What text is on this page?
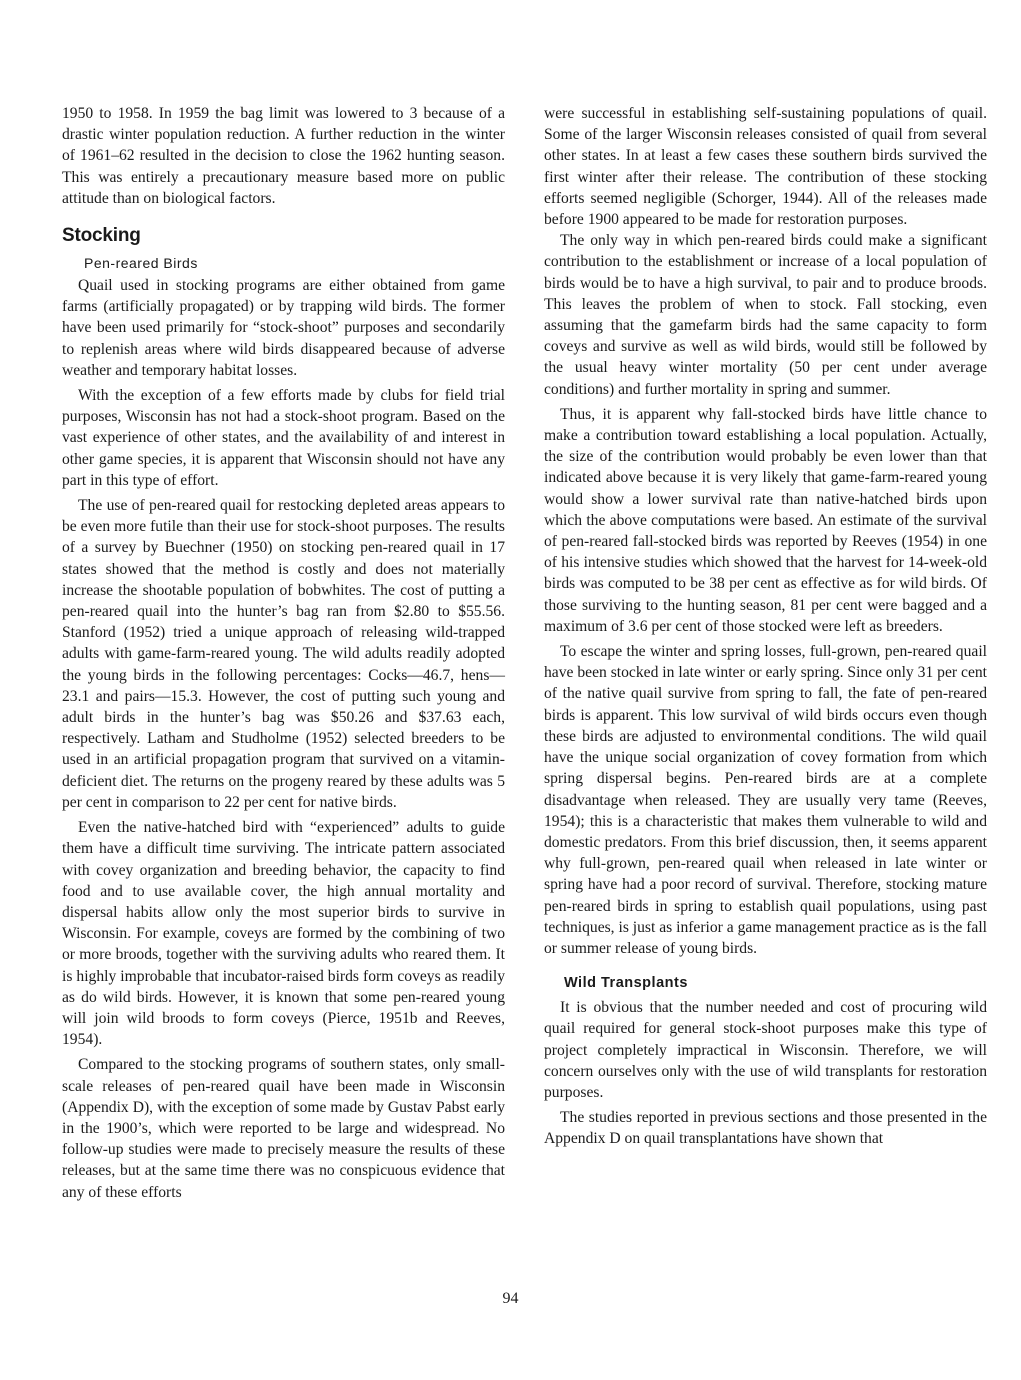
1950 to 1958. In 1959 the bag limit was lowered to 3 because of a drastic winter population reduction. A further reduction in the winter of 1961–62 resulted in the decision to close the 1962 hunting season. This was entirely a precautionary measure based more on public attitude than on biological factors.

Stocking
Pen-reared Birds

Quail used in stocking programs are either obtained from game farms (artificially propagated) or by trapping wild birds. The former have been used primarily for “stock-shoot” purposes and secondarily to replenish areas where wild birds disappeared because of adverse weather and temporary habitat losses.

With the exception of a few efforts made by clubs for field trial purposes, Wisconsin has not had a stock-shoot program. Based on the vast experience of other states, and the availability of and interest in other game species, it is apparent that Wisconsin should not have any part in this type of effort.

The use of pen-reared quail for restocking depleted areas appears to be even more futile than their use for stock-shoot purposes. The results of a survey by Buechner (1950) on stocking pen-reared quail in 17 states showed that the method is costly and does not materially increase the shootable population of bobwhites. The cost of putting a pen-reared quail into the hunter’s bag ran from $2.80 to $55.56. Stanford (1952) tried a unique approach of releasing wild-trapped adults with game-farm-reared young. The wild adults readily adopted the young birds in the following percentages: Cocks—46.7, hens—23.1 and pairs—15.3. However, the cost of putting such young and adult birds in the hunter’s bag was $50.26 and $37.63 each, respectively. Latham and Studholme (1952) selected breeders to be used in an artificial propagation program that survived on a vitamin-deficient diet. The returns on the progeny reared by these adults was 5 per cent in comparison to 22 per cent for native birds.

Even the native-hatched bird with “experienced” adults to guide them have a difficult time surviving. The intricate pattern associated with covey organization and breeding behavior, the capacity to find food and to use available cover, the high annual mortality and dispersal habits allow only the most superior birds to survive in Wisconsin. For example, coveys are formed by the combining of two or more broods, together with the surviving adults who reared them. It is highly improbable that incubator-raised birds form coveys as readily as do wild birds. However, it is known that some pen-reared young will join wild broods to form coveys (Pierce, 1951b and Reeves, 1954).

Compared to the stocking programs of southern states, only small-scale releases of pen-reared quail have been made in Wisconsin (Appendix D), with the exception of some made by Gustav Pabst early in the 1900’s, which were reported to be large and widespread. No follow-up studies were made to precisely measure the results of these releases, but at the same time there was no conspicuous evidence that any of these efforts

were successful in establishing self-sustaining populations of quail. Some of the larger Wisconsin releases consisted of quail from several other states. In at least a few cases these southern birds survived the first winter after their release. The contribution of these stocking efforts seemed negligible (Schorger, 1944). All of the releases made before 1900 appeared to be made for restoration purposes.

The only way in which pen-reared birds could make a significant contribution to the establishment or increase of a local population of birds would be to have a high survival, to pair and to produce broods. This leaves the problem of when to stock. Fall stocking, even assuming that the gamefarm birds had the same capacity to form coveys and survive as well as wild birds, would still be followed by the usual heavy winter mortality (50 per cent under average conditions) and further mortality in spring and summer.

Thus, it is apparent why fall-stocked birds have little chance to make a contribution toward establishing a local population. Actually, the size of the contribution would probably be even lower than that indicated above because it is very likely that game-farm-reared young would show a lower survival rate than native-hatched birds upon which the above computations were based. An estimate of the survival of pen-reared fall-stocked birds was reported by Reeves (1954) in one of his intensive studies which showed that the harvest for 14-week-old birds was computed to be 38 per cent as effective as for wild birds. Of those surviving to the hunting season, 81 per cent were bagged and a maximum of 3.6 per cent of those stocked were left as breeders.

To escape the winter and spring losses, full-grown, pen-reared quail have been stocked in late winter or early spring. Since only 31 per cent of the native quail survive from spring to fall, the fate of pen-reared birds is apparent. This low survival of wild birds occurs even though these birds are adjusted to environmental conditions. The wild quail have the unique social organization of covey formation from which spring dispersal begins. Pen-reared birds are at a complete disadvantage when released. They are usually very tame (Reeves, 1954); this is a characteristic that makes them vulnerable to wild and domestic predators. From this brief discussion, then, it seems apparent why full-grown, pen-reared quail when released in late winter or spring have had a poor record of survival. Therefore, stocking mature pen-reared birds in spring to establish quail populations, using past techniques, is just as inferior a game management practice as is the fall or summer release of young birds.

Wild Transplants

It is obvious that the number needed and cost of procuring wild quail required for general stock-shoot purposes make this type of project completely impractical in Wisconsin. Therefore, we will concern ourselves only with the use of wild transplants for restoration purposes.

The studies reported in previous sections and those presented in the Appendix D on quail transplantations have shown that

94
